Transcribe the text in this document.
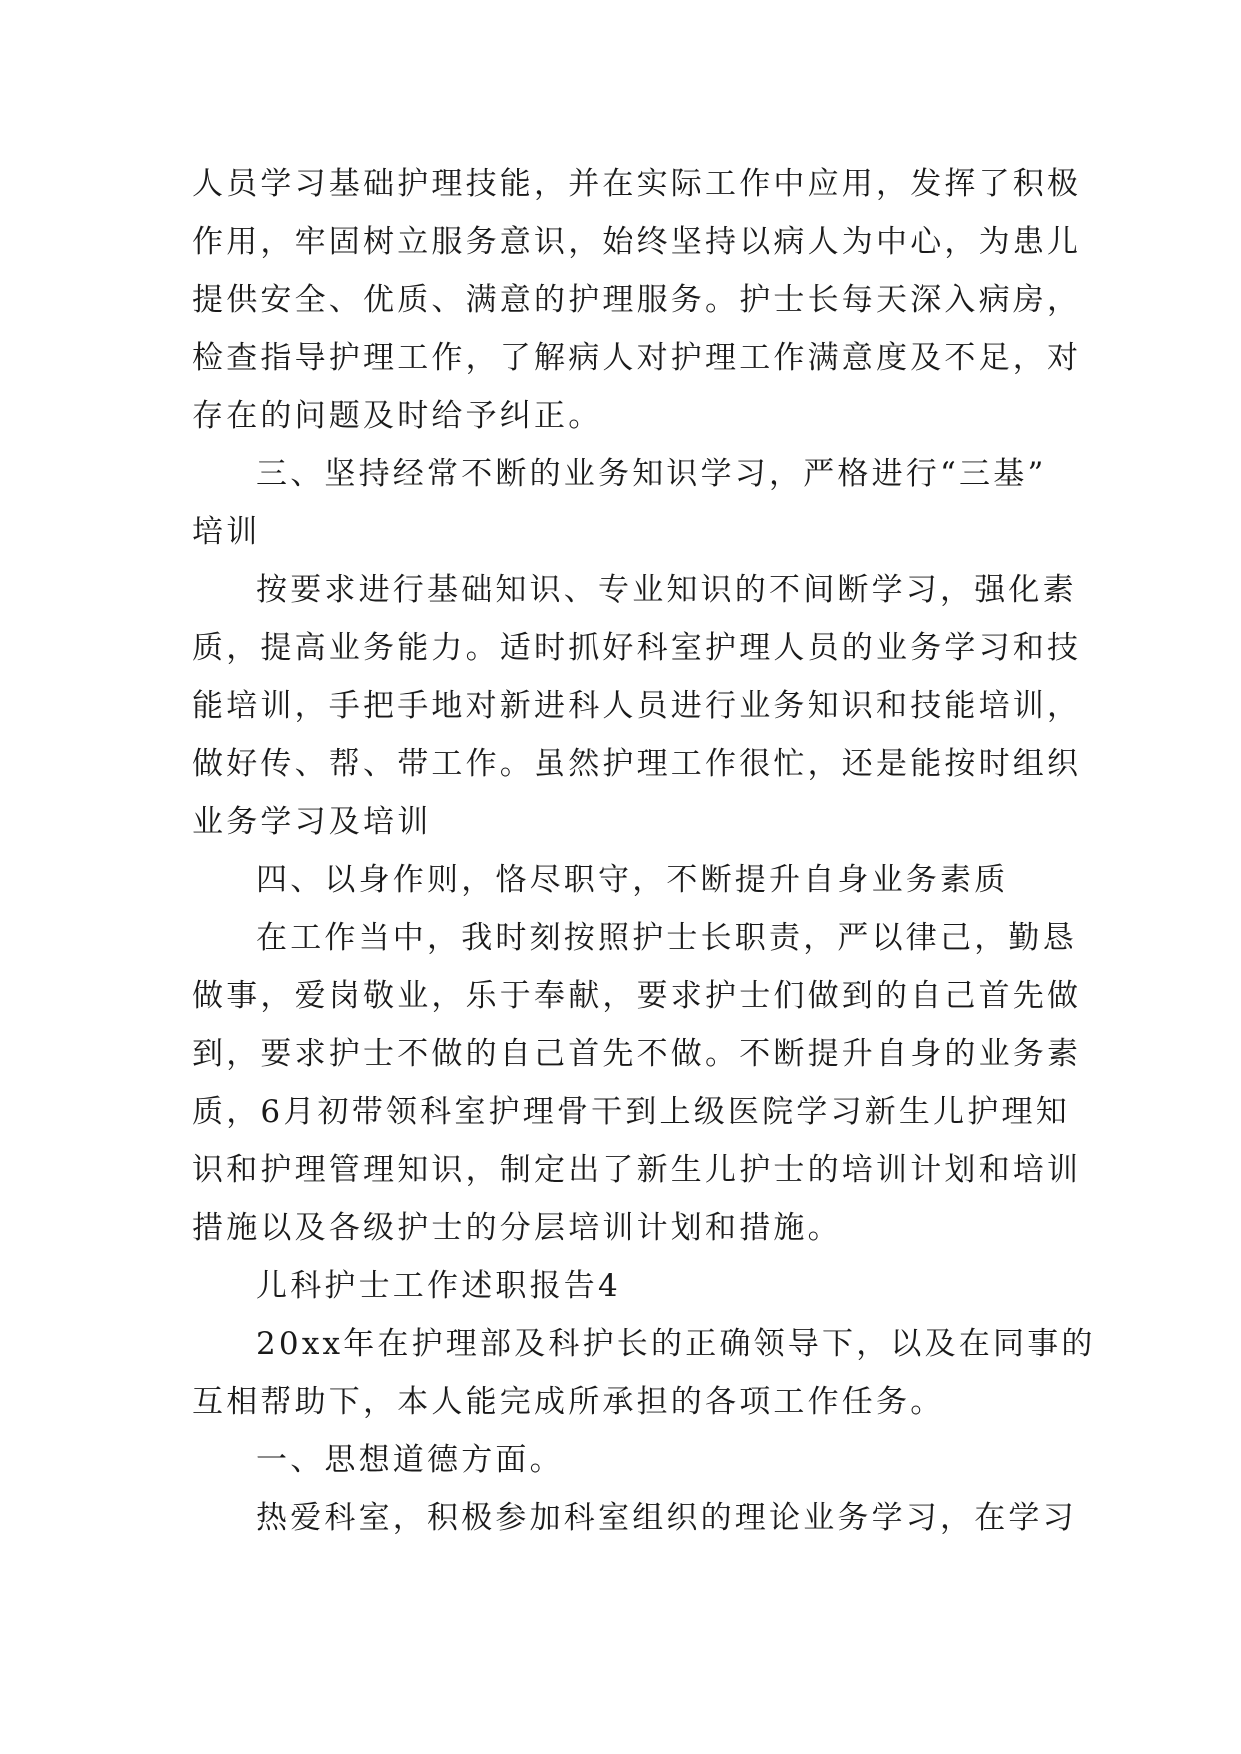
人员学习基础护理技能，并在实际工作中应用，发挥了积极
作用，牢固树立服务意识，始终坚持以病人为中心，为患儿
提供安全、优质、满意的护理服务。护士长每天深入病房，
检查指导护理工作，了解病人对护理工作满意度及不足，对
存在的问题及时给予纠正。
三、坚持经常不断的业务知识学习，严格进行“三基”
培训
按要求进行基础知识、专业知识的不间断学习，强化素
质，提高业务能力。适时抓好科室护理人员的业务学习和技
能培训，手把手地对新进科人员进行业务知识和技能培训，
做好传、帮、带工作。虽然护理工作很忙，还是能按时组织
业务学习及培训
四、以身作则，恪尽职守，不断提升自身业务素质
在工作当中，我时刻按照护士长职责，严以律己，勤恳
做事，爱岗敬业，乐于奉献，要求护士们做到的自己首先做
到，要求护士不做的自己首先不做。不断提升自身的业务素
质，6月初带领科室护理骨干到上级医院学习新生儿护理知
识和护理管理知识，制定出了新生儿护士的培训计划和培训
措施以及各级护士的分层培训计划和措施。
儿科护士工作述职报告4
20xx年在护理部及科护长的正确领导下，以及在同事的
互相帮助下，本人能完成所承担的各项工作任务。
一、思想道德方面。
热爱科室，积极参加科室组织的理论业务学习，在学习
